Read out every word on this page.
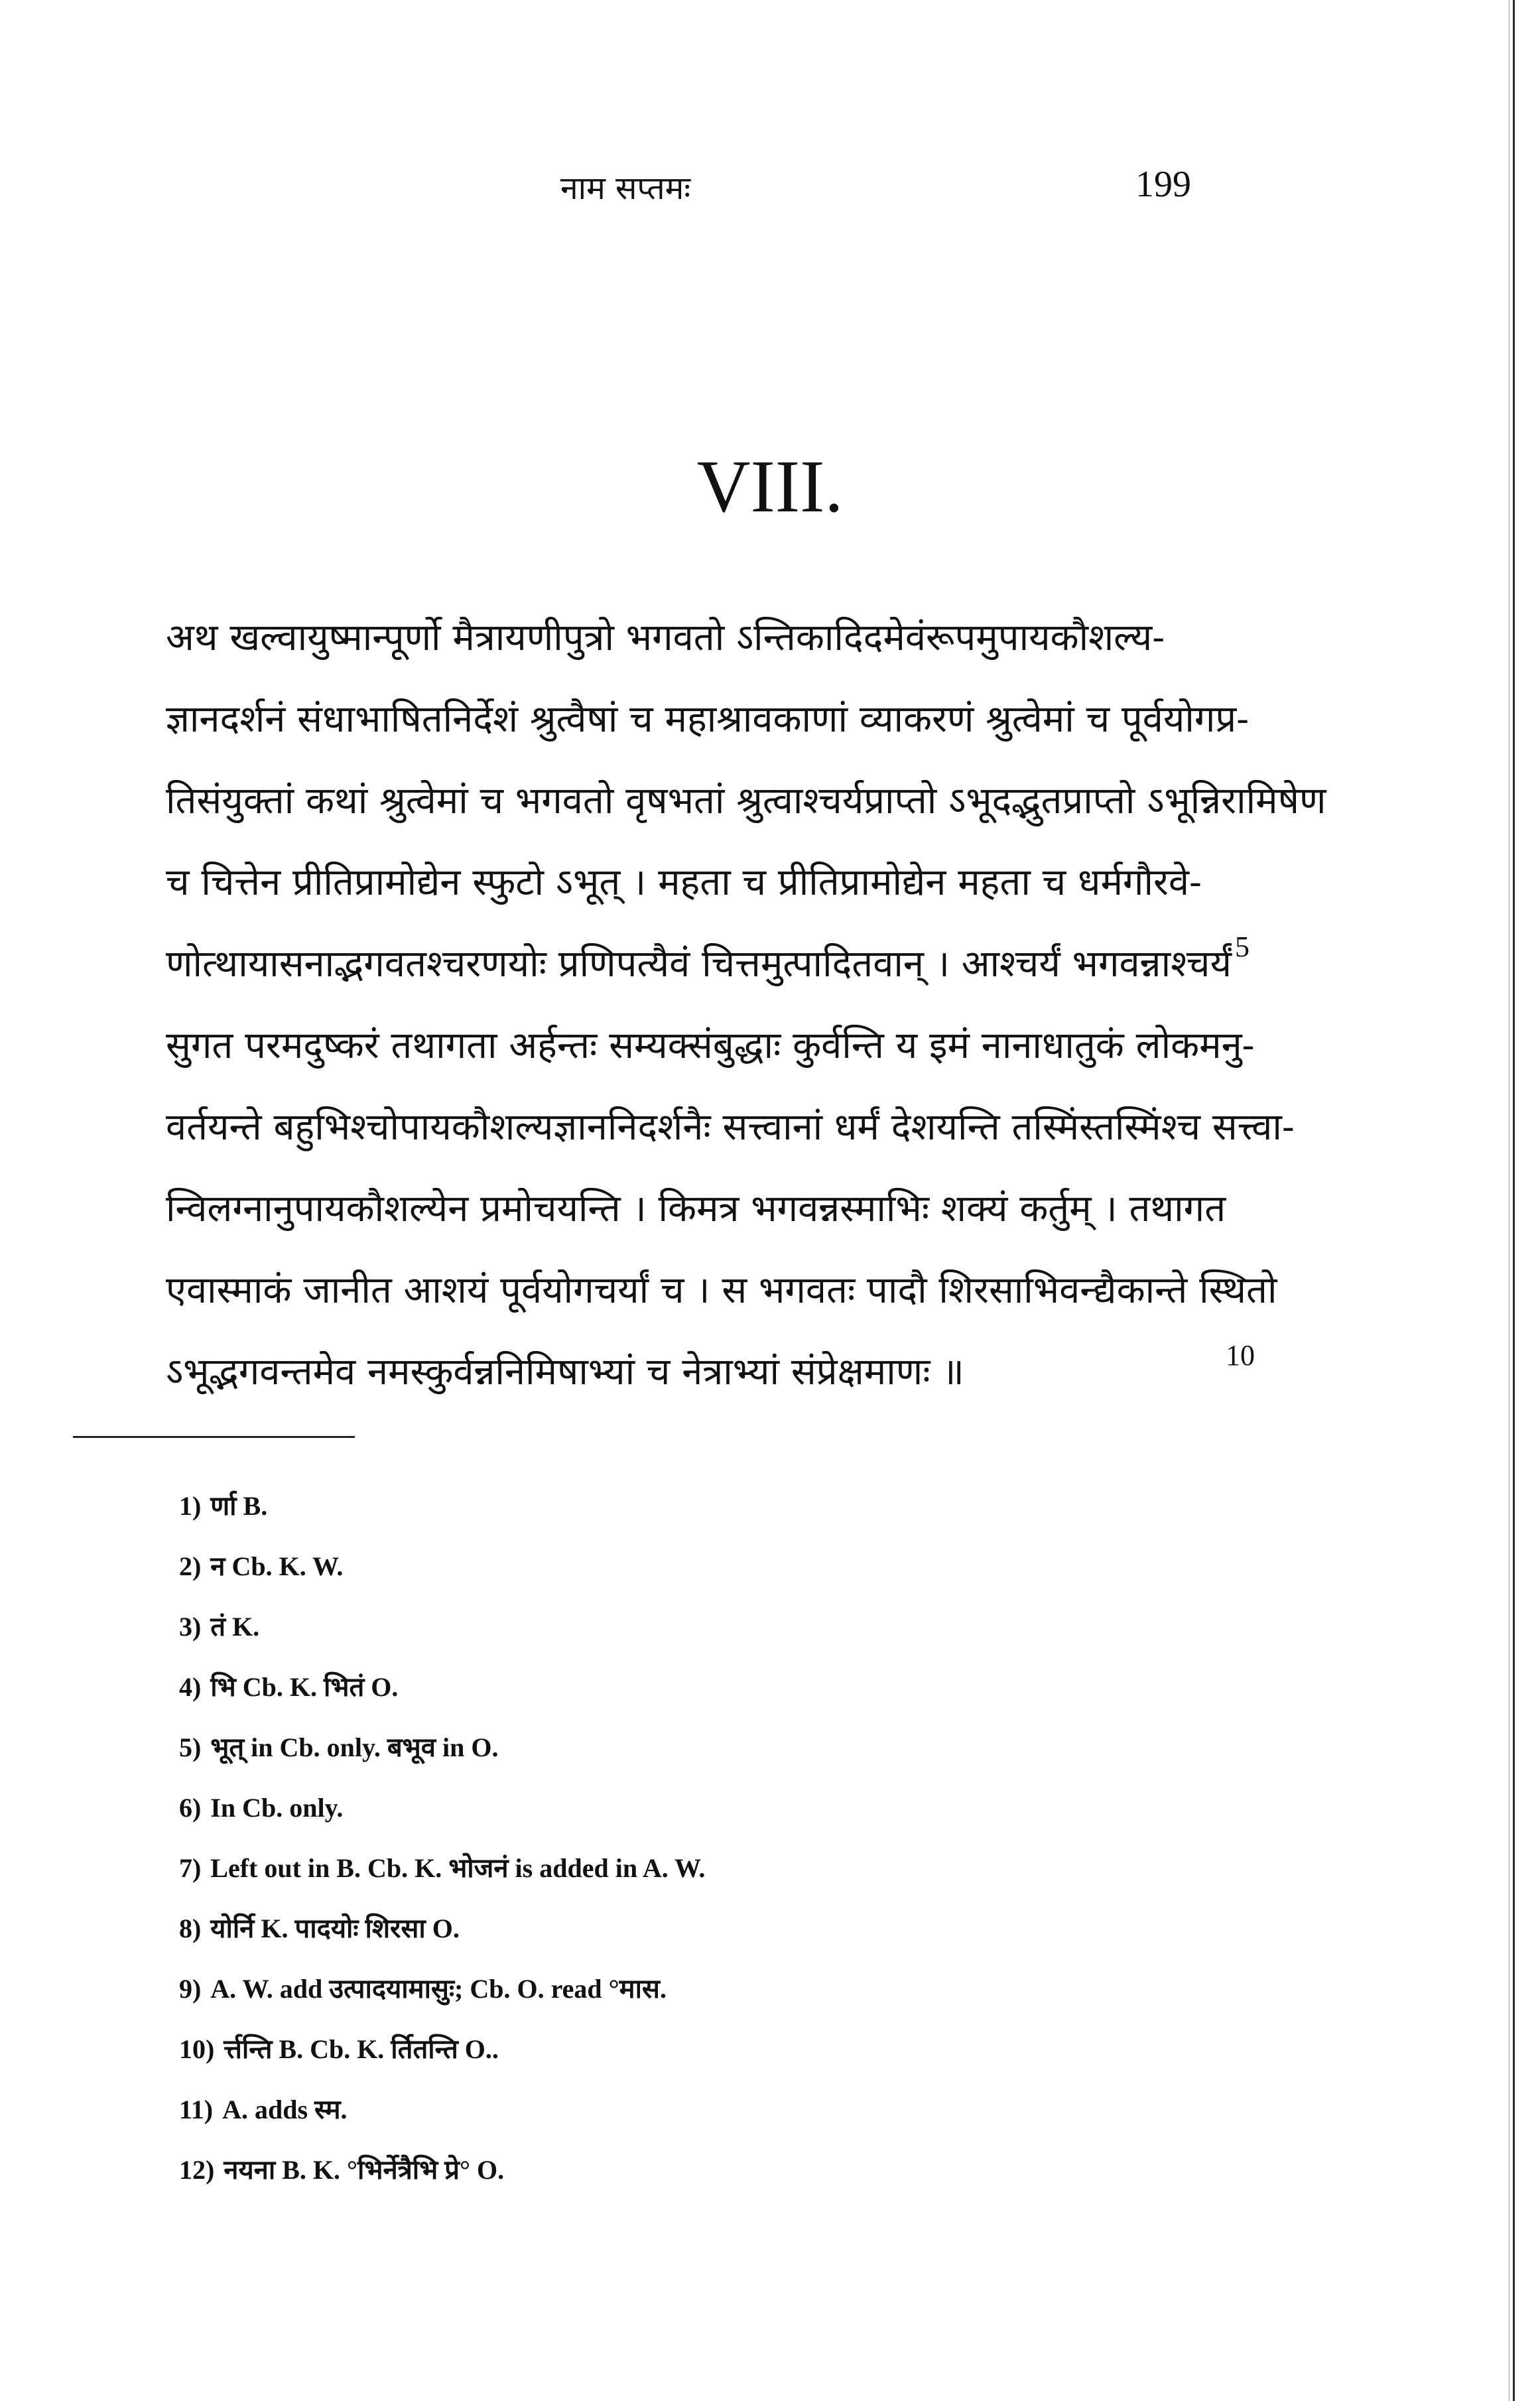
नाम सप्तमः	199
VIII.
अथ खल्वायुष्मान्पूर्णो मैत्रायणीपुत्रो भगवतो ऽन्तिकादिदमेवंरूपमुपायकौशल्य-
ज्ञानदर्शनं संधाभाषितनिर्देशं श्रुत्वैषां च महाश्रावकाणां व्याकरणं श्रुत्वेमां च पूर्वयोगप्र-
तिसंयुक्तां कथां श्रुत्वेमां च भगवतो वृषभतां श्रुत्वाश्चर्यप्राप्तो ऽभूदद्भुतप्राप्तो ऽभून्निरामिषेण
च चित्तेन प्रीतिप्रामोद्येन स्फुटो ऽभूत् । महता च प्रीतिप्रामोद्येन महता च धर्मगौरवे-
णोत्थायासनाद्भगवतश्चरणयोः प्रणिपत्यैवं चित्तमुत्पादितवान् । आश्चर्यं भगवन्नाश्चर्यं
सुगत परमदुष्करं तथागता अर्हन्तः सम्यक्संबुद्धाः कुर्वन्ति य इमं नानाधातुकं लोकमनु-
वर्तयन्ते बहुभिश्चोपायकौशल्यज्ञाननिदर्शनैः सत्त्वानां धर्मं देशयन्ति तस्मिंस्तस्मिंश्च सत्त्वा-
न्विलग्नानुपायकौशल्येन प्रमोचयन्ति । किमत्र भगवन्नस्माभिः शक्यं कर्तुम् । तथागत
एवास्माकं जानीत आशयं पूर्वयोगचर्यां च । स भगवतः पादौ शिरसाभिवन्द्यैकान्ते स्थितो
ऽभूद्भगवन्तमेव नमस्कुर्वन्ननिमिषाभ्यां च नेत्राभ्यां संप्रेक्षमाणः ॥
5
10
1) र्णा B.
2) न Cb. K. W.
3) तं K.
4) भि Cb. K. भितं O.
5) भूत् in Cb. only. बभूव in O.
6) In Cb. only.
7) Left out in B. Cb. K. भोजनं is added in A. W.
8) योर्नि K. पादयोः शिरसा O.
9) A. W. add उत्पादयामासुः; Cb. O. read °मास.
10) र्त्तन्ति B. Cb. K. र्तितन्ति O..
11) A. adds स्म.
12) नयना B. K. °भिर्नेत्रैभि प्रे° O.
